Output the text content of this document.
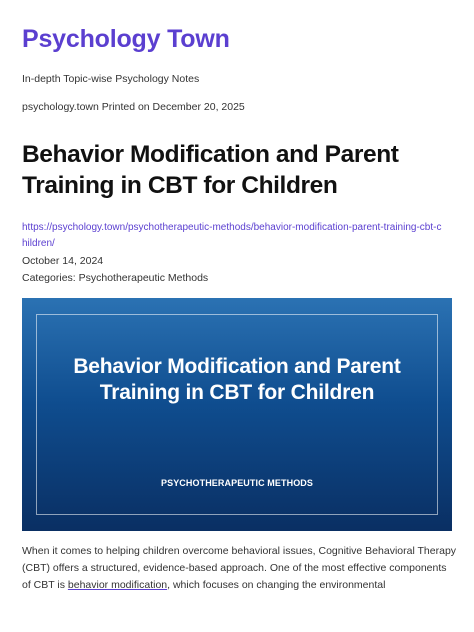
Psychology Town
In-depth Topic-wise Psychology Notes
psychology.town Printed on December 20, 2025
Behavior Modification and Parent Training in CBT for Children
https://psychology.town/psychotherapeutic-methods/behavior-modification-parent-training-cbt-children/
October 14, 2024
Categories: Psychotherapeutic Methods
Behavior Modification and Parent Training in CBT for Children
PSYCHOTHERAPEUTIC METHODS

When it comes to helping children overcome behavioral issues, Cognitive Behavioral Therapy (CBT) offers a structured, evidence-based approach. One of the most effective components of CBT is behavior modification, which focuses on changing the environmental
